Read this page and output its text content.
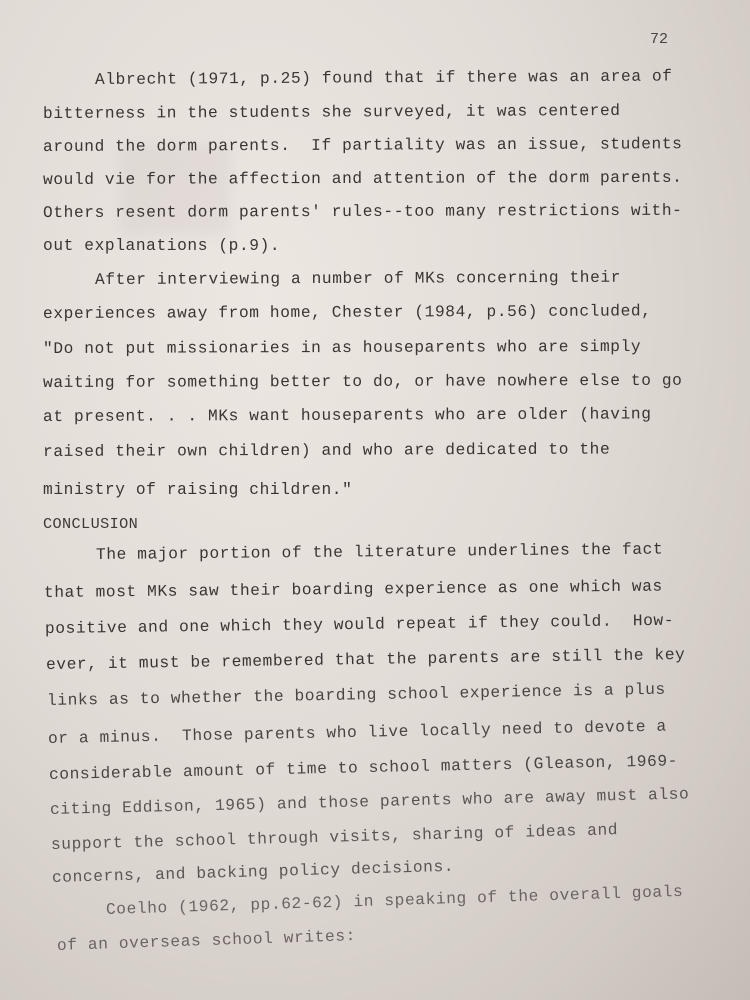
72

Albrecht (1971, p.25) found that if there was an area of

bitterness in the students she surveyed, it was centered

around the dorm parents.  If partiality was an issue, students

would vie for the affection and attention of the dorm parents.

Others resent dorm parents' rules--too many restrictions with-

out explanations (p.9).

After interviewing a number of MKs concerning their

experiences away from home, Chester (1984, p.56) concluded,

"Do not put missionaries in as houseparents who are simply

waiting for something better to do, or have nowhere else to go

at present. . . MKs want houseparents who are older (having

raised their own children) and who are dedicated to the

ministry of raising children."

CONCLUSION

The major portion of the literature underlines the fact

that most MKs saw their boarding experience as one which was

positive and one which they would repeat if they could.  How-

ever, it must be remembered that the parents are still the key

links as to whether the boarding school experience is a plus

or a minus.  Those parents who live locally need to devote a

considerable amount of time to school matters (Gleason, 1969-

citing Eddison, 1965) and those parents who are away must also

support the school through visits, sharing of ideas and

concerns, and backing policy decisions.

Coelho (1962, pp.62-62) in speaking of the overall goals

of an overseas school writes:
